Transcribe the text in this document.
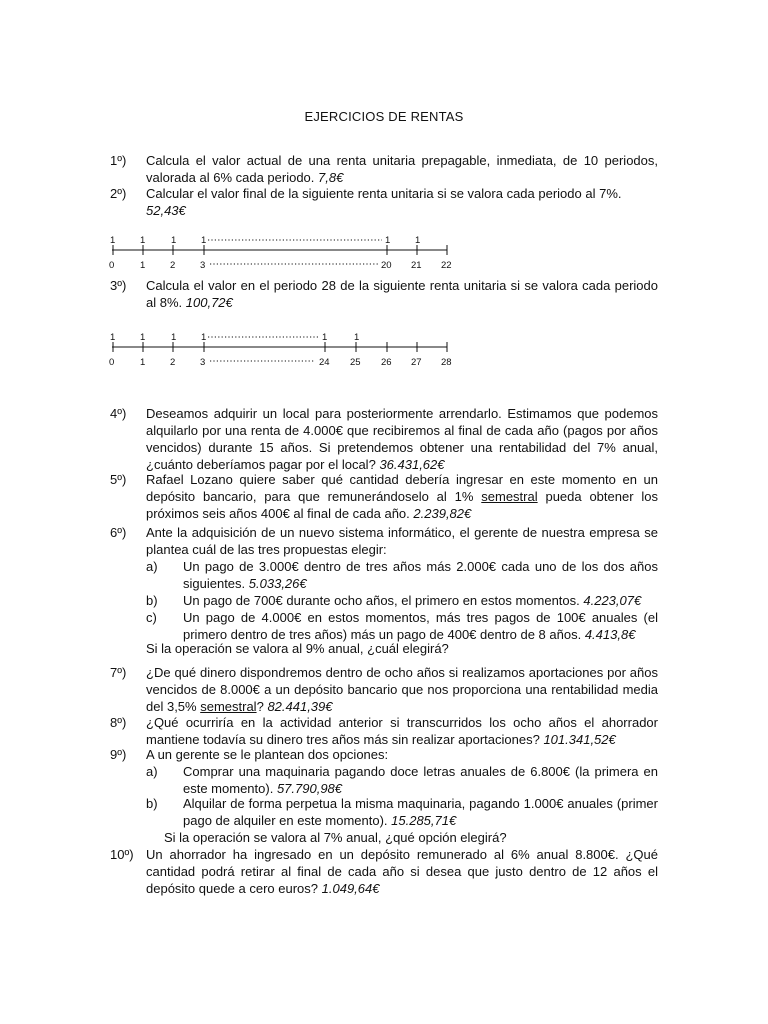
EJERCICIOS DE RENTAS
1º)	Calcula el valor actual de una renta unitaria prepagable, inmediata, de 10 periodos, valorada al 6% cada periodo. 7,8€
2º)	Calcular el valor final de la siguiente renta unitaria si se valora cada periodo al 7%. 52,43€
1	1	1	1	1	1
0	1	2	3	20 21 22
3º)	Calcula el valor en el periodo 28 de la siguiente renta unitaria si se valora cada periodo al 8%. 100,72€
1	1	1	1	1	1
0	1	2	3	24 25 26 27 28
4º)	Deseamos adquirir un local para posteriormente arrendarlo. Estimamos que podemos alquilarlo por una renta de 4.000€ que recibiremos al final de cada año (pagos por años vencidos) durante 15 años. Si pretendemos obtener una rentabilidad del 7% anual, ¿cuánto deberíamos pagar por el local? 36.431,62€
5º)	Rafael Lozano quiere saber qué cantidad debería ingresar en este momento en un depósito bancario, para que remunerándoselo al 1% semestral pueda obtener los próximos seis años 400€ al final de cada año. 2.239,82€
6º)	Ante la adquisición de un nuevo sistema informático, el gerente de nuestra empresa se plantea cuál de las tres propuestas elegir:
a)	Un pago de 3.000€ dentro de tres años más 2.000€ cada uno de los dos años siguientes. 5.033,26€
b)	Un pago de 700€ durante ocho años, el primero en estos momentos. 4.223,07€
c)	Un pago de 4.000€ en estos momentos, más tres pagos de 100€ anuales (el primero dentro de tres años) más un pago de 400€ dentro de 8 años. 4.413,8€
Si la operación se valora al 9% anual, ¿cuál elegirá?
7º)	¿De qué dinero dispondremos dentro de ocho años si realizamos aportaciones por años vencidos de 8.000€ a un depósito bancario que nos proporciona una rentabilidad media del 3,5% semestral? 82.441,39€
8º)	¿Qué ocurriría en la actividad anterior si transcurridos los ocho años el ahorrador mantiene todavía su dinero tres años más sin realizar aportaciones? 101.341,52€
9º)	A un gerente se le plantean dos opciones:
a)	Comprar una maquinaria pagando doce letras anuales de 6.800€ (la primera en este momento). 57.790,98€
b)	Alquilar de forma perpetua la misma maquinaria, pagando 1.000€ anuales (primer pago de alquiler en este momento). 15.285,71€
Si la operación se valora al 7% anual, ¿qué opción elegirá?
10º) Un ahorrador ha ingresado en un depósito remunerado al 6% anual 8.800€. ¿Qué cantidad podrá retirar al final de cada año si desea que justo dentro de 12 años el depósito quede a cero euros? 1.049,64€
